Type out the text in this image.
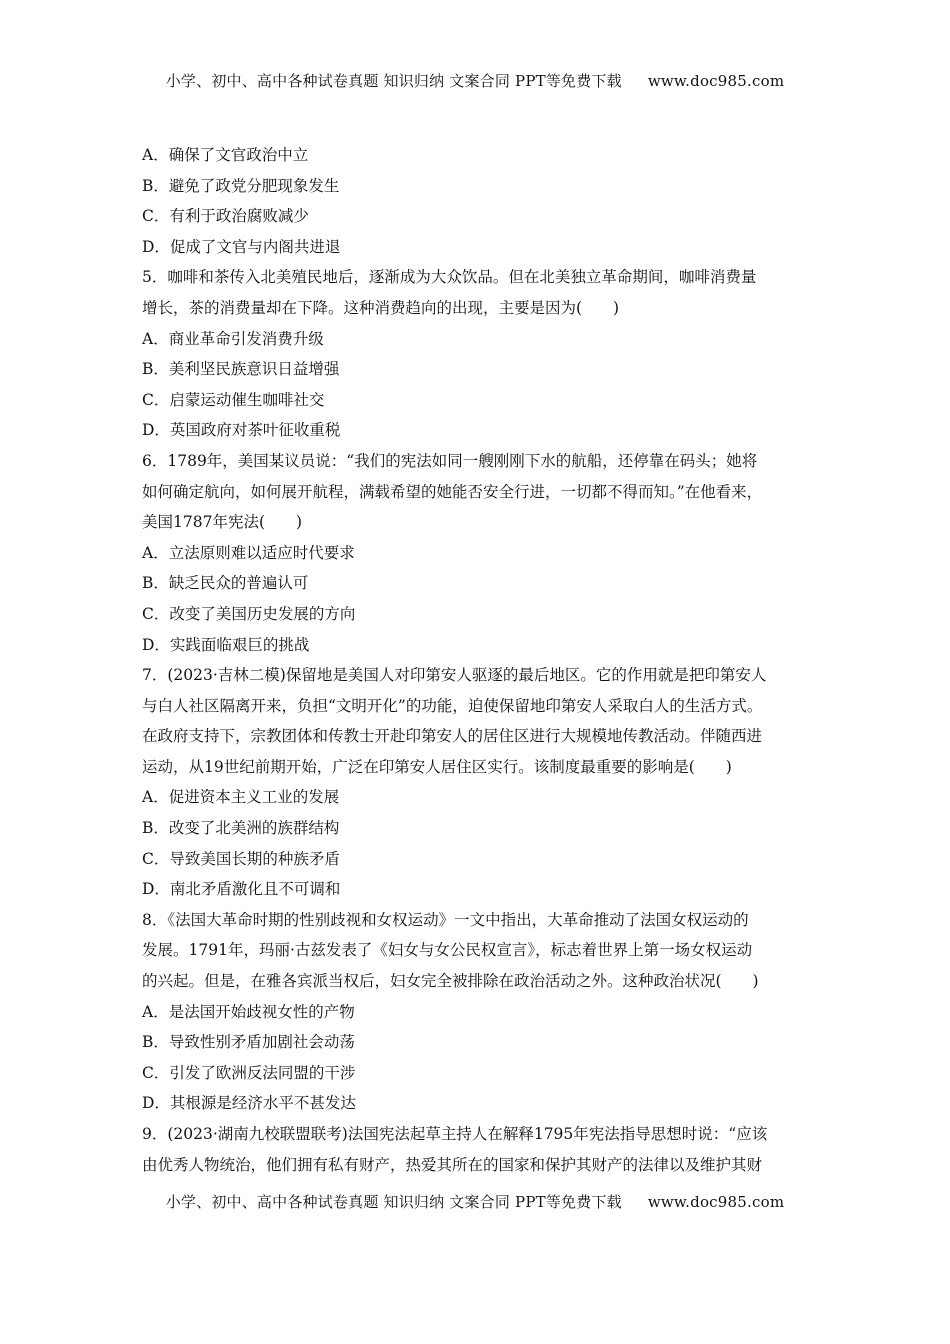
小学、初中、高中各种试卷真题 知识归纳 文案合同 PPT等免费下载 www.doc985.com
A．确保了文官政治中立
B．避免了政党分肥现象发生
C．有利于政治腐败减少
D．促成了文官与内阁共进退
5．咖啡和茶传入北美殖民地后，逐渐成为大众饮品。但在北美独立革命期间，咖啡消费量
增长，茶的消费量却在下降。这种消费趋向的出现，主要是因为(　　)
A．商业革命引发消费升级
B．美利坚民族意识日益增强
C．启蒙运动催生咖啡社交
D．英国政府对茶叶征收重税
6．1789年，美国某议员说：“我们的宪法如同一艘刚刚下水的航船，还停靠在码头；她将
如何确定航向，如何展开航程，满载希望的她能否安全行进，一切都不得而知。”在他看来，
美国1787年宪法(　　)
A．立法原则难以适应时代要求
B．缺乏民众的普遍认可
C．改变了美国历史发展的方向
D．实践面临艰巨的挑战
7．(2023·吉林二模)保留地是美国人对印第安人驱逐的最后地区。它的作用就是把印第安人
与白人社区隔离开来，负担“文明开化”的功能，迫使保留地印第安人采取白人的生活方式。
在政府支持下，宗教团体和传教士开赴印第安人的居住区进行大规模地传教活动。伴随西进
运动，从19世纪前期开始，广泛在印第安人居住区实行。该制度最重要的影响是(　　)
A．促进资本主义工业的发展
B．改变了北美洲的族群结构
C．导致美国长期的种族矛盾
D．南北矛盾激化且不可调和
8．《法国大革命时期的性别歧视和女权运动》一文中指出，大革命推动了法国女权运动的
发展。1791年，玛丽·古兹发表了《妇女与女公民权宣言》，标志着世界上第一场女权运动
的兴起。但是，在雅各宾派当权后，妇女完全被排除在政治活动之外。这种政治状况(　　)
A．是法国开始歧视女性的产物
B．导致性别矛盾加剧社会动荡
C．引发了欧洲反法同盟的干涉
D．其根源是经济水平不甚发达
9．(2023·湖南九校联盟联考)法国宪法起草主持人在解释1795年宪法指导思想时说：“应该
由优秀人物统治，他们拥有私有财产，热爱其所在的国家和保护其财产的法律以及维护其财
小学、初中、高中各种试卷真题 知识归纳 文案合同 PPT等免费下载 www.doc985.com
